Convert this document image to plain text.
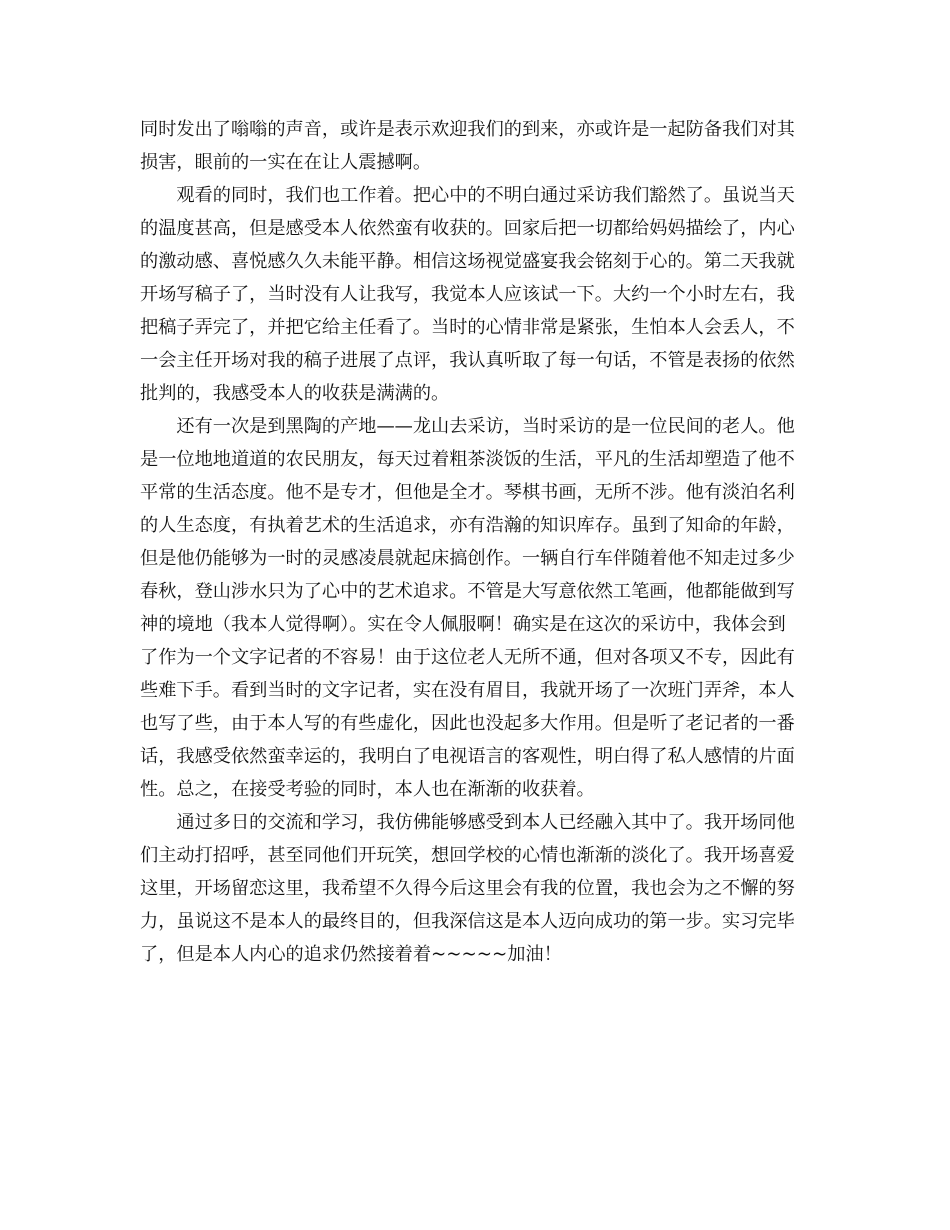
同时发出了嗡嗡的声音，或许是表示欢迎我们的到来，亦或许是一起防备我们对其
损害，眼前的一实在在让人震撼啊。
观看的同时，我们也工作着。把心中的不明白通过采访我们豁然了。虽说当天
的温度甚高，但是感受本人依然蛮有收获的。回家后把一切都给妈妈描绘了，内心
的激动感、喜悦感久久未能平静。相信这场视觉盛宴我会铭刻于心的。第二天我就
开场写稿子了，当时没有人让我写，我觉本人应该试一下。大约一个小时左右，我
把稿子弄完了，并把它给主任看了。当时的心情非常是紧张，生怕本人会丢人，不
一会主任开场对我的稿子进展了点评，我认真听取了每一句话，不管是表扬的依然
批判的，我感受本人的收获是满满的。
还有一次是到黑陶的产地——龙山去采访，当时采访的是一位民间的老人。他
是一位地地道道的农民朋友，每天过着粗茶淡饭的生活，平凡的生活却塑造了他不
平常的生活态度。他不是专才，但他是全才。琴棋书画，无所不涉。他有淡泊名利
的人生态度，有执着艺术的生活追求，亦有浩瀚的知识库存。虽到了知命的年龄，
但是他仍能够为一时的灵感凌晨就起床搞创作。一辆自行车伴随着他不知走过多少
春秋，登山涉水只为了心中的艺术追求。不管是大写意依然工笔画，他都能做到写
神的境地（我本人觉得啊）。实在令人佩服啊！确实是在这次的采访中，我体会到
了作为一个文字记者的不容易！由于这位老人无所不通，但对各项又不专，因此有
些难下手。看到当时的文字记者，实在没有眉目，我就开场了一次班门弄斧，本人
也写了些，由于本人写的有些虚化，因此也没起多大作用。但是听了老记者的一番
话，我感受依然蛮幸运的，我明白了电视语言的客观性，明白得了私人感情的片面
性。总之，在接受考验的同时，本人也在渐渐的收获着。
通过多日的交流和学习，我仿佛能够感受到本人已经融入其中了。我开场同他
们主动打招呼，甚至同他们开玩笑，想回学校的心情也渐渐的淡化了。我开场喜爱
这里，开场留恋这里，我希望不久得今后这里会有我的位置，我也会为之不懈的努
力，虽说这不是本人的最终目的，但我深信这是本人迈向成功的第一步。实习完毕
了，但是本人内心的追求仍然接着着~~~~~加油！
